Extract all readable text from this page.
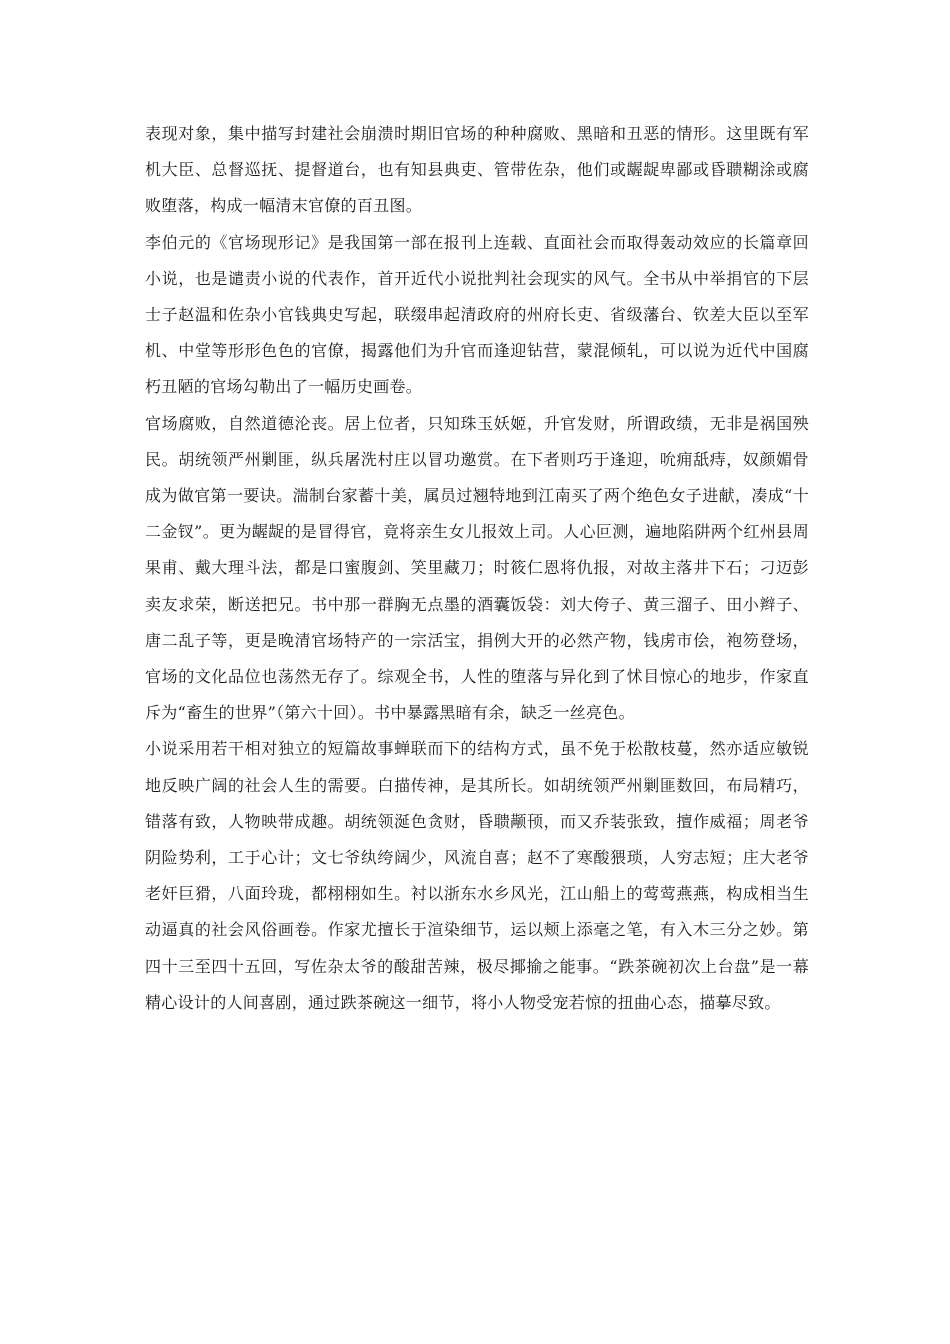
表现对象，集中描写封建社会崩溃时期旧官场的种种腐败、黑暗和丑恶的情形。这里既有军机大臣、总督巡抚、提督道台，也有知县典吏、管带佐杂，他们或龌龊卑鄙或昏聩糊涂或腐败堕落，构成一幅清末官僚的百丑图。

李伯元的《官场现形记》是我国第一部在报刊上连载、直面社会而取得轰动效应的长篇章回小说，也是谴责小说的代表作，首开近代小说批判社会现实的风气。全书从中举捐官的下层士子赵温和佐杂小官钱典史写起，联缀串起清政府的州府长吏、省级藩台、钦差大臣以至军机、中堂等形形色色的官僚，揭露他们为升官而逢迎钻营，蒙混倾轧，可以说为近代中国腐朽丑陋的官场勾勒出了一幅历史画卷。

官场腐败，自然道德沦丧。居上位者，只知珠玉妖姬，升官发财，所谓政绩，无非是祸国殃民。胡统领严州剿匪，纵兵屠洗村庄以冒功邀赏。在下者则巧于逢迎，吮痈舐痔，奴颜媚骨成为做官第一要诀。湍制台家蓄十美，属员过翘特地到江南买了两个绝色女子进献，凑成“十二金钗”。更为龌龊的是冒得官，竟将亲生女儿报效上司。人心叵测，遍地陷阱两个红州县周果甫、戴大理斗法，都是口蜜腹剑、笑里藏刀；时筱仁恩将仇报，对故主落井下石；刁迈彭卖友求荣，断送把兄。书中那一群胸无点墨的酒囊饭袋：刘大侉子、黄三溜子、田小辫子、唐二乱子等，更是晚清官场特产的一宗活宝，捐例大开的必然产物，钱虏市侩，袍笏登场，官场的文化品位也荡然无存了。综观全书，人性的堕落与异化到了怵目惊心的地步，作家直斥为“畜生的世界”（第六十回）。书中暴露黑暗有余，缺乏一丝亮色。

小说采用若干相对独立的短篇故事蝉联而下的结构方式，虽不免于松散枝蔓，然亦适应敏锐地反映广阔的社会人生的需要。白描传神，是其所长。如胡统领严州剿匪数回，布局精巧，错落有致，人物映带成趣。胡统领涎色贪财，昏聩颟顸，而又乔装张致，擅作威福；周老爷阴险势利，工于心计；文七爷纨绔阔少，风流自喜；赵不了寒酸猥琐，人穷志短；庄大老爷老奸巨猾，八面玲珑，都栩栩如生。衬以浙东水乡风光，江山船上的莺莺燕燕，构成相当生动逼真的社会风俗画卷。作家尤擅长于渲染细节，运以颊上添毫之笔，有入木三分之妙。第四十三至四十五回，写佐杂太爷的酸甜苦辣，极尽揶揄之能事。“跌茶碗初次上台盘”是一幕精心设计的人间喜剧，通过跌茶碗这一细节，将小人物受宠若惊的扭曲心态，描摹尽致。
